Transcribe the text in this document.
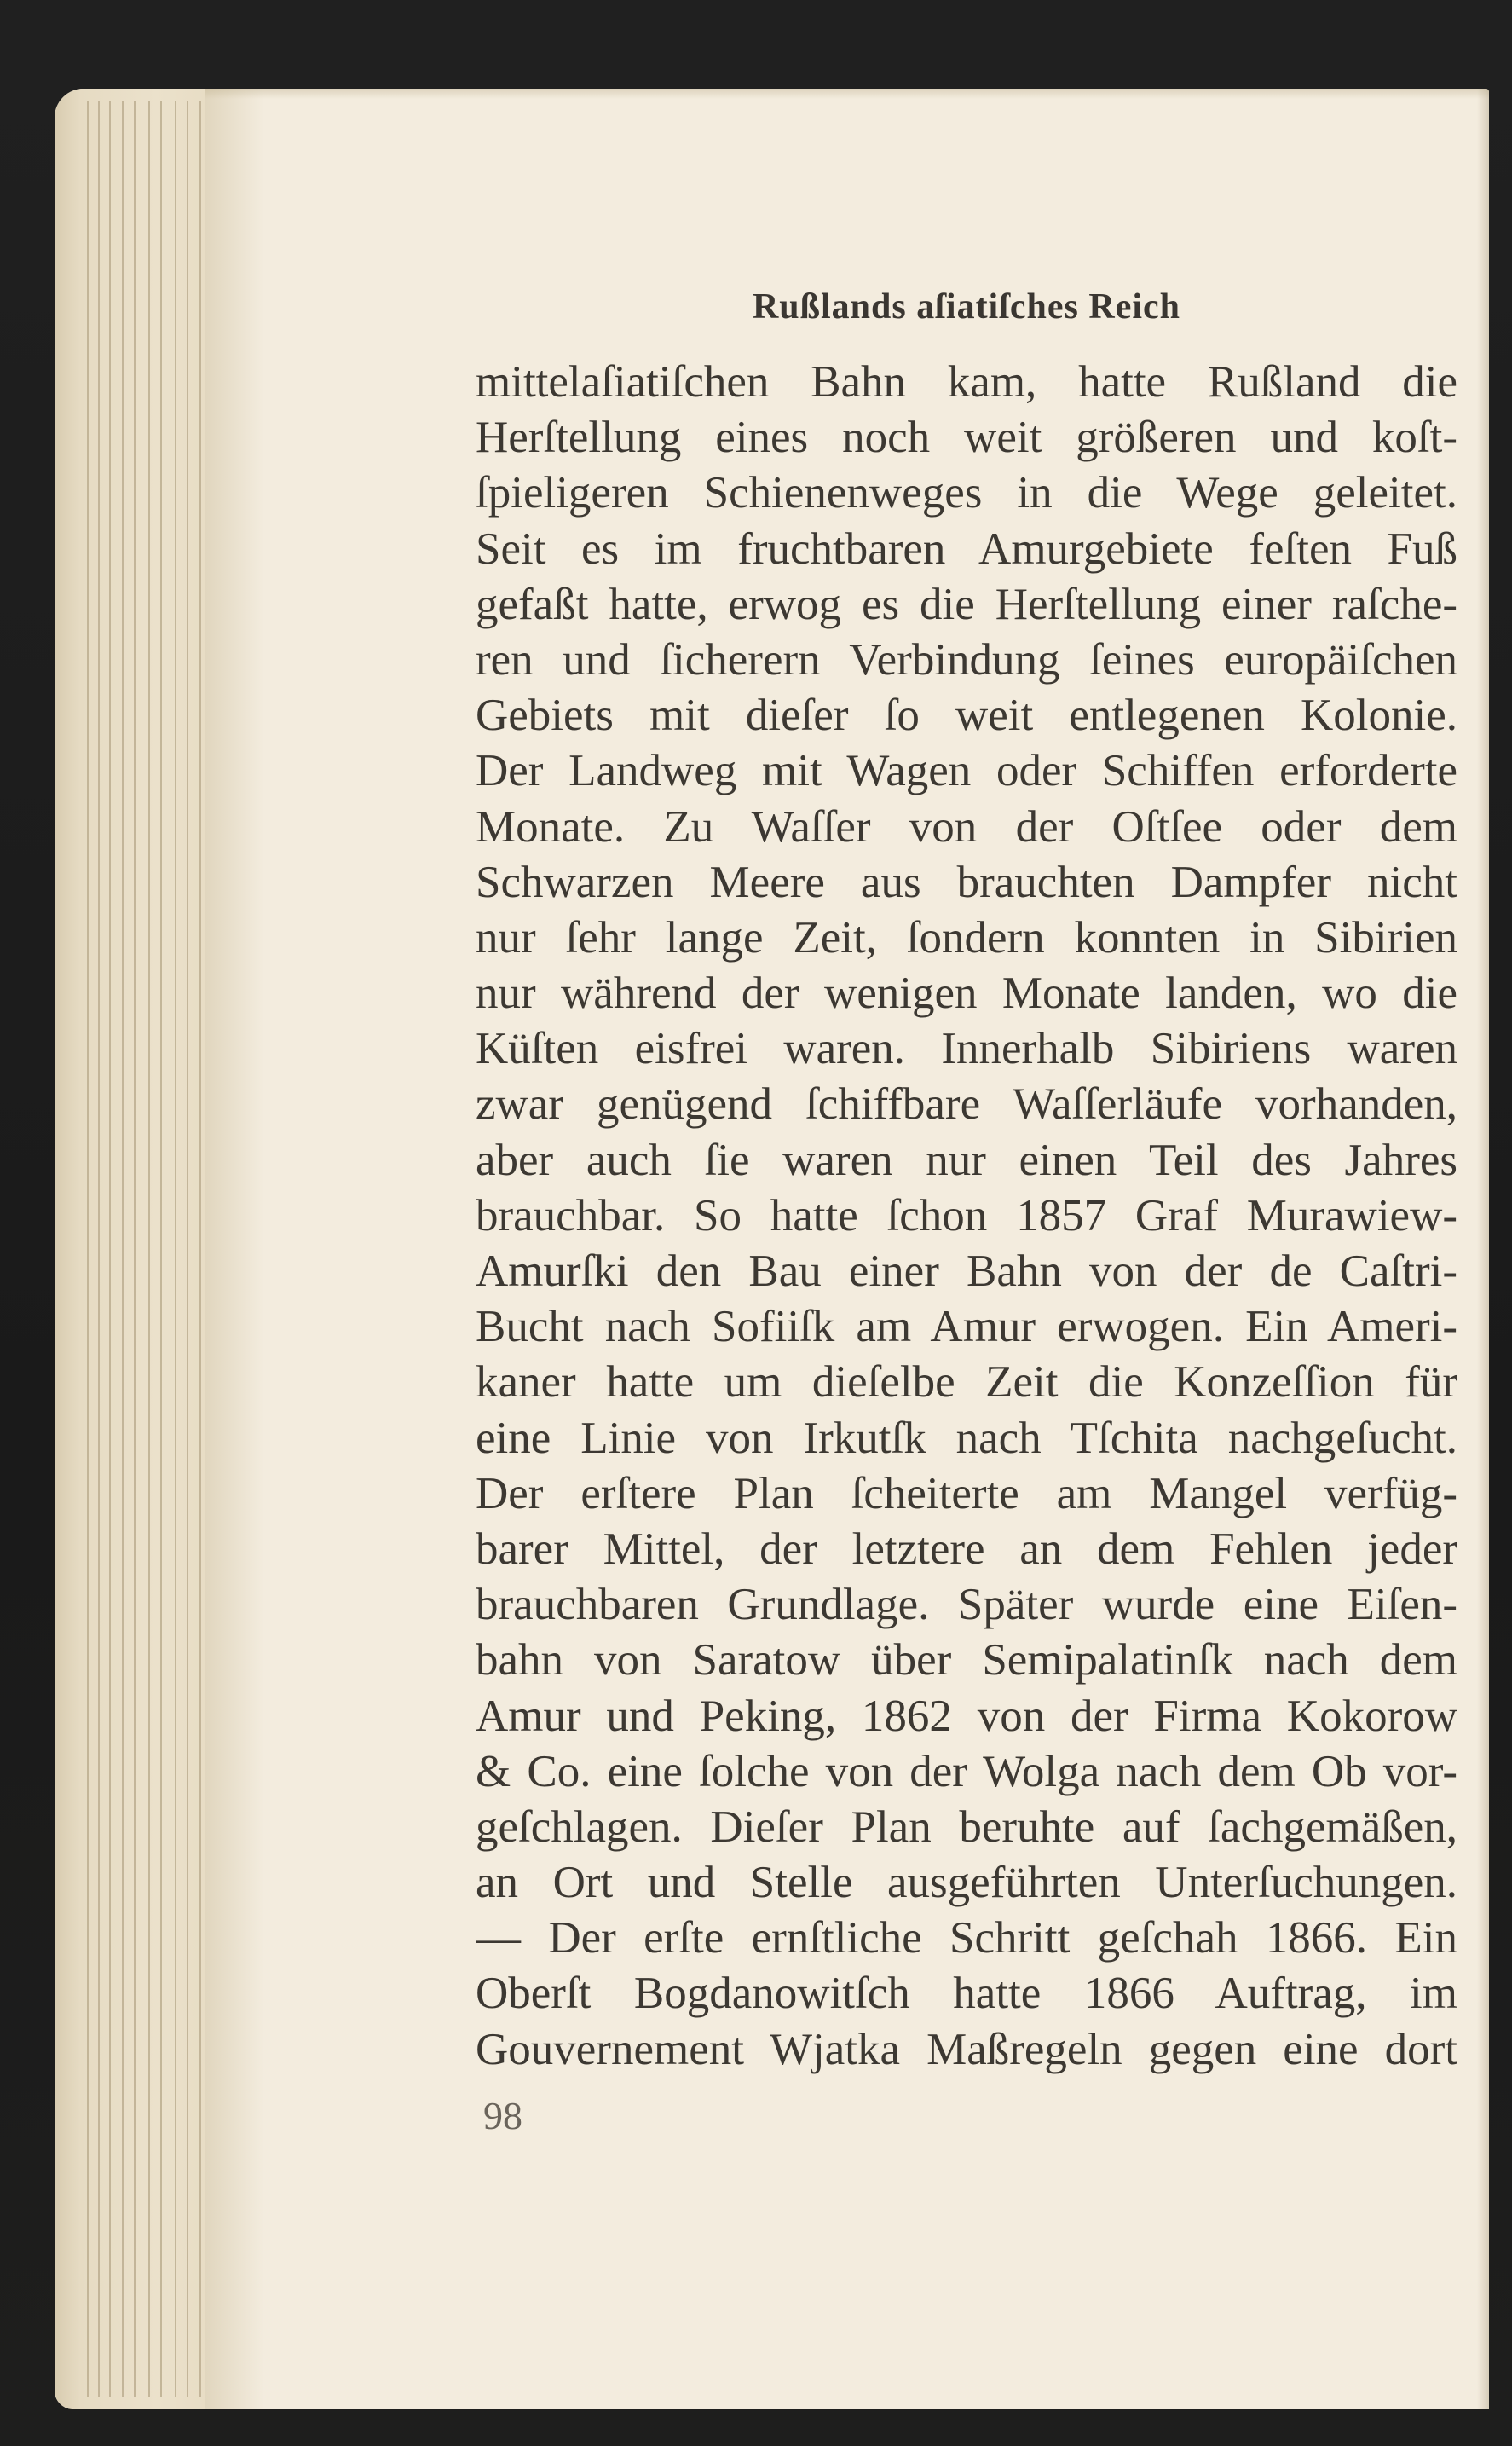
Rußlands aſiatiſches Reich
mittelaſiatiſchen Bahn kam, hatte Rußland die
Herſtellung eines noch weit größeren und koſt-
ſpieligeren Schienenweges in die Wege geleitet.
Seit es im fruchtbaren Amurgebiete feſten Fuß
gefaßt hatte, erwog es die Herſtellung einer raſche-
ren und ſicherern Verbindung ſeines europäiſchen
Gebiets mit dieſer ſo weit entlegenen Kolonie.
Der Landweg mit Wagen oder Schiffen erforderte
Monate. Zu Waſſer von der Oſtſee oder dem
Schwarzen Meere aus brauchten Dampfer nicht
nur ſehr lange Zeit, ſondern konnten in Sibirien
nur während der wenigen Monate landen, wo die
Küſten eisfrei waren. Innerhalb Sibiriens waren
zwar genügend ſchiffbare Waſſerläufe vorhanden,
aber auch ſie waren nur einen Teil des Jahres
brauchbar. So hatte ſchon 1857 Graf Murawiew-
Amurſki den Bau einer Bahn von der de Caſtri-
Bucht nach Sofiiſk am Amur erwogen. Ein Ameri-
kaner hatte um dieſelbe Zeit die Konzeſſion für
eine Linie von Irkutſk nach Tſchita nachgeſucht.
Der erſtere Plan ſcheiterte am Mangel verfüg-
barer Mittel, der letztere an dem Fehlen jeder
brauchbaren Grundlage. Später wurde eine Eiſen-
bahn von Saratow über Semipalatinſk nach dem
Amur und Peking, 1862 von der Firma Kokorow
& Co. eine ſolche von der Wolga nach dem Ob vor-
geſchlagen. Dieſer Plan beruhte auf ſachgemäßen,
an Ort und Stelle ausgeführten Unterſuchungen.
— Der erſte ernſtliche Schritt geſchah 1866. Ein
Oberſt Bogdanowitſch hatte 1866 Auftrag, im
Gouvernement Wjatka Maßregeln gegen eine dort
98
